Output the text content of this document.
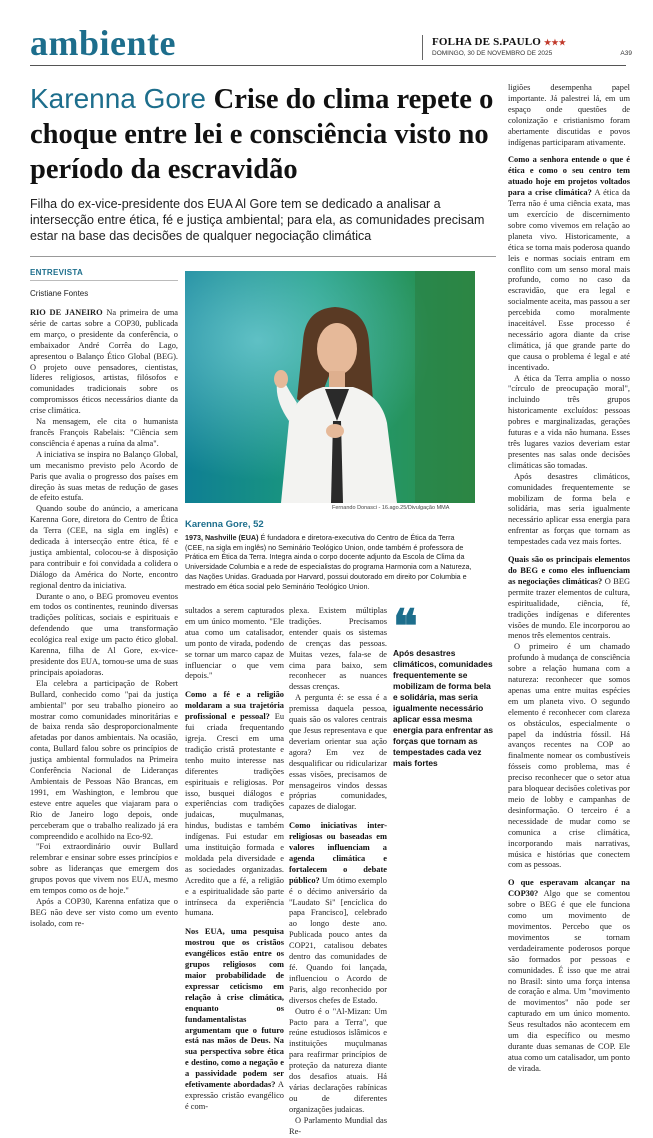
ambiente	FOLHA DE S.PAULO ★★★
DOMINGO, 30 DE NOVEMBRO DE 2025	A39
Karenna Gore Crise do clima repete o choque entre lei e consciência visto no período da escravidão
Filha do ex-vice-presidente dos EUA Al Gore tem se dedicado a analisar a intersecção entre ética, fé e justiça ambiental; para ela, as comunidades precisam estar na base das decisões de qualquer negociação climática
ENTREVISTA
Cristiane Fontes

RIO DE JANEIRO Na primeira de uma série de cartas sobre a COP30, publicada em março, o presidente da conferência, o embaixador André Corrêa do Lago, apresentou o Balanço Ético Global (BEG). O projeto ouve pensadores, cientistas, líderes religiosos, artistas, filósofos e comunidades tradicionais sobre os compromissos éticos necessários diante da crise climática.

Na mensagem, ele cita o humanista francês François Rabelais: "Ciência sem consciência é apenas a ruína da alma".

A iniciativa se inspira no Balanço Global, um mecanismo previsto pelo Acordo de Paris que avalia o progresso dos países em direção às suas metas de redução de gases de efeito estufa.

Quando soube do anúncio, a americana Karenna Gore, diretora do Centro de Ética da Terra (CEE, na sigla em inglês) e dedicada à intersecção entre ética, fé e justiça ambiental, colocou-se à disposição para contribuir e foi convidada a colidera o Diálogo da América do Norte, encontro regional dentro da iniciativa.

Durante o ano, o BEG promoveu eventos em todos os continentes, reunindo diversas tradições políticas, sociais e espirituais e defendendo que uma transformação ecológica real exige um pacto ético global. Karenna, filha de Al Gore, ex-vice-presidente dos EUA, tornou-se uma de suas principais apoiadoras.

Ela celebra a participação de Robert Bullard, conhecido como "pai da justiça ambiental" por seu trabalho pioneiro ao mostrar como comunidades minoritárias e de baixa renda são desproporcionalmente afetadas por danos ambientais. Na ocasião, conta, Bullard falou sobre os princípios de justiça ambiental formulados na Primeira Conferência Nacional de Lideranças Ambientais de Pessoas Não Brancas, em 1991, em Washington, e lembrou que esteve entre aqueles que viajaram para o Rio de Janeiro logo depois, onde perceberam que o trabalho realizado já era compreendido e acolhido na Eco-92.

"Foi extraordinário ouvir Bullard relembrar e ensinar sobre esses princípios e sobre as lideranças que emergem dos grupos povos que vivem nos EUA, mesmo em tempos como os de hoje."

Após a COP30, Karenna enfatiza que o BEG não deve ser visto como um evento isolado, com re-

Fernando Donasci - 16.ago.25/Divulgação MMA
Karenna Gore, 52
1973, Nashville (EUA) É fundadora e diretora-executiva do Centro de Ética da Terra (CEE, na sigla em inglês) no Seminário Teológico Union, onde também é professora de Prática em Ética da Terra. Integra ainda o corpo docente adjunto da Escola de Clima da Universidade Columbia e a rede de especialistas do programa Harmonia com a Natureza, das Nações Unidas. Graduada por Harvard, possui doutorado em direito por Columbia e mestrado em ética social pelo Seminário Teológico Union.

sultados a serem capturados em um único momento. "Ele atua como um catalisador, um ponto de virada, podendo se tornar um marco capaz de influenciar o que vem depois."

Como a fé e a religião moldaram a sua trajetória profissional e pessoal? Eu fui criada frequentando igreja. Cresci em uma tradição cristã protestante e tenho muito interesse nas diferentes tradições espirituais e religiosas. Por isso, busquei diálogos e experiências com tradições judaicas, muçulmanas, hindus, budistas e também indígenas. Fui estudar em uma instituição formada e moldada pela diversidade e as sociedades organizadas. Acredito que a fé, a religião e a espiritualidade são parte intrínseca da experiência humana.

Nos EUA, uma pesquisa mostrou que os cristãos evangélicos estão entre os grupos religiosos com maior probabilidade de expressar ceticismo em relação à crise climática, enquanto os fundamentalistas argumentam que o futuro está nas mãos de Deus. Na sua perspectiva sobre ética e destino, como a negação e a passividade podem ser efetivamente abordadas? A expressão cristão evangélico é com-

plexa. Existem múltiplas tradições. Precisamos entender quais os sistemas de crenças das pessoas. Muitas vezes, fala-se de cima para baixo, sem reconhecer as nuances dessas crenças.

A pergunta é: se essa é a premissa daquela pessoa, quais são os valores centrais que Jesus representava e que deveriam orientar sua ação agora? Em vez de desqualificar ou ridicularizar essas visões, precisamos de mensageiros vindos dessas próprias comunidades, capazes de dialogar.

Como iniciativas inter-religiosas ou baseadas em valores influenciam a agenda climática e fortalecem o debate público? Um ótimo exemplo é o décimo aniversário da "Laudato Si" [encíclica do papa Francisco], celebrado ao longo deste ano. Publicada pouco antes da COP21, catalisou debates dentro das comunidades de fé. Quando foi lançada, influenciou o Acordo de Paris, algo reconhecido por diversos chefes de Estado.

Outro é o "Al-Mizan: Um Pacto para a Terra", que reúne estudiosos islâmicos e instituições muçulmanas para reafirmar princípios de proteção da natureza diante dos desafios atuais. Há várias declarações rabínicas ou de diferentes organizações judaicas.

O Parlamento Mundial das Re-

❝
Após desastres climáticos, comunidades frequentemente se mobilizam de forma bela e solidária, mas seria igualmente necessário aplicar essa mesma energia para enfrentar as forças que tornam as tempestades cada vez mais fortes

ligiões desempenha papel importante. Já palestrei lá, em um espaço onde questões de colonização e cristianismo foram abertamente discutidas e povos indígenas participaram ativamente.

Como a senhora entende o que é ética e como o seu centro tem atuado hoje em projetos voltados para a crise climática? A ética da Terra não é uma ciência exata, mas um exercício de discernimento sobre como vivemos em relação ao planeta vivo. Historicamente, a ética se torna mais poderosa quando leis e normas sociais entram em conflito com um senso moral mais profundo, como no caso da escravidão, que era legal e socialmente aceita, mas passou a ser percebida como moralmente inaceitável. Esse processo é necessário agora diante da crise climática, já que grande parte do que causa o problema é legal e até incentivado.

A ética da Terra amplia o nosso "círculo de preocupação moral", incluindo três grupos historicamente excluídos: pessoas pobres e marginalizadas, gerações futuras e a vida não humana. Esses três lugares vazios deveriam estar presentes nas salas onde decisões climáticas são tomadas.

Após desastres climáticos, comunidades frequentemente se mobilizam de forma bela e solidária, mas seria igualmente necessário aplicar essa energia para enfrentar as forças que tornam as tempestades cada vez mais fortes.

Quais são os principais elementos do BEG e como eles influenciam as negociações climáticas? O BEG permite trazer elementos de cultura, espiritualidade, ciência, fé, tradições indígenas e diferentes visões de mundo. Ele incorporou ao menos três elementos centrais.

O primeiro é um chamado profundo à mudança de consciência sobre a relação humana com a natureza: reconhecer que somos apenas uma entre muitas espécies em um planeta vivo. O segundo elemento é reconhecer com clareza os obstáculos, especialmente o papel da indústria fóssil. Há avanços recentes na COP ao finalmente nomear os combustíveis fósseis como problema, mas é preciso reconhecer que o setor atua para bloquear decisões coletivas por meio de lobby e campanhas de desinformação. O terceiro é a necessidade de mudar como se comunica a crise climática, incorporando mais narrativas, música e histórias que conectem com as pessoas.

O que esperavam alcançar na COP30? Algo que se comentou sobre o BEG é que ele funciona como um movimento de movimentos. Percebo que os movimentos se tornam verdadeiramente poderosos porque são formados por pessoas e comunidades. É isso que me atrai no Brasil: sinto uma força intensa de coração e alma. Um "movimento de movimentos" não pode ser capturado em um único momento. Seus resultados não acontecem em um dia específico ou mesmo durante duas semanas de COP. Ele atua como um catalisador, um ponto de virada.
